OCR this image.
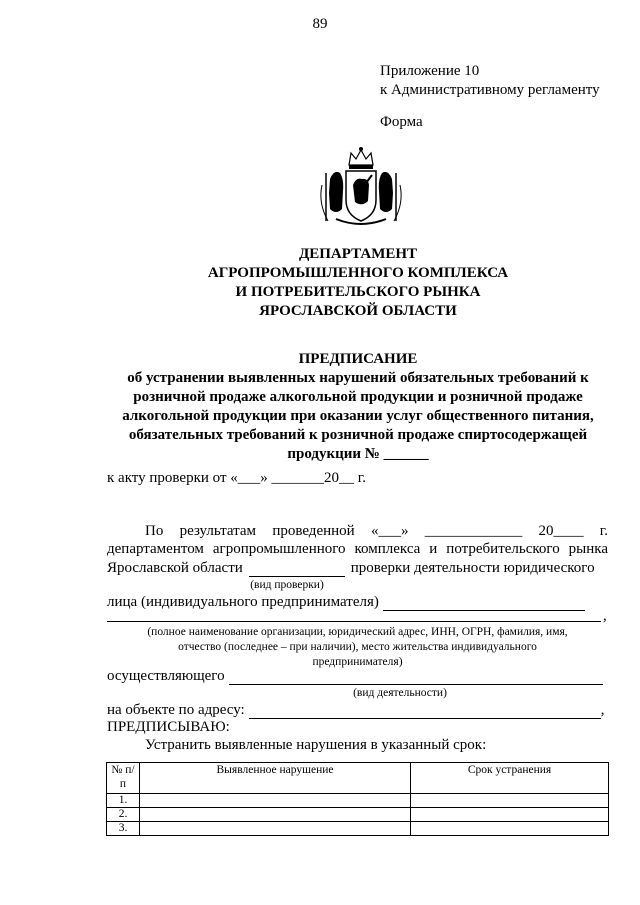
89
Приложение 10
к Административному регламенту
Форма
ДЕПАРТАМЕНТ
АГРОПРОМЫШЛЕННОГО КОМПЛЕКСА
И ПОТРЕБИТЕЛЬСКОГО РЫНКА
ЯРОСЛАВСКОЙ ОБЛАСТИ
ПРЕДПИСАНИЕ
об устранении выявленных нарушений обязательных требований к розничной продаже алкогольной продукции и розничной продаже алкогольной продукции при оказании услуг общественного питания, обязательных требований к розничной продаже спиртосодержащей продукции № ______
к акту проверки от «___» _______20__ г.
По результатам проведенной «___» _____________ 20____ г.
департаментом агропромышленного комплекса и потребительского рынка
Ярославской области	проверки деятельности юридического
(вид проверки)
лица (индивидуального предпринимателя)
,
(полное наименование организации, юридический адрес, ИНН, ОГРН, фамилия, имя,
отчество (последнее – при наличии), место жительства индивидуального
предпринимателя)
осуществляющего
(вид деятельности)
на объекте по адресу:	,
ПРЕДПИСЫВАЮ:
Устранить выявленные нарушения в указанный срок:
№ п/п	Выявленное нарушение	Срок устранения
1.		
2.		
3.		
